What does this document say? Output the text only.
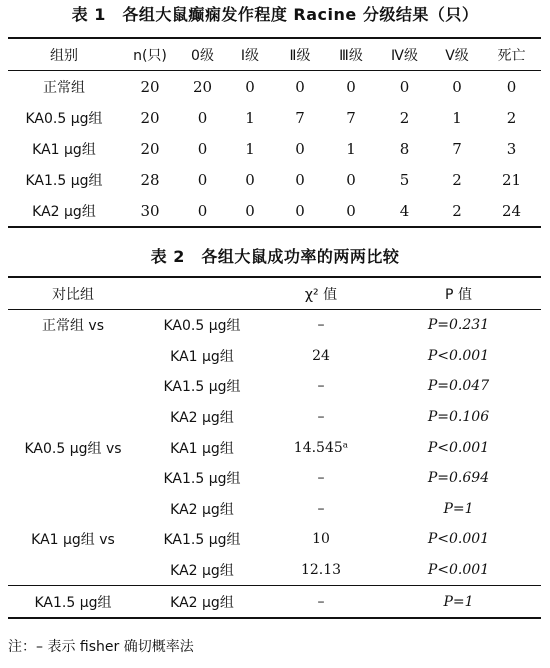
表 1　各组大鼠癫痫发作程度 Racine 分级结果（只）
组别	n(只)	0级	Ⅰ级	Ⅱ级	Ⅲ级	Ⅳ级	Ⅴ级	死亡
正常组	20	20	0	0	0	0	0	0
KA0.5 μg组	20	0	1	7	7	2	1	2
KA1 μg组	20	0	1	0	1	8	7	3
KA1.5 μg组	28	0	0	0	0	5	2	21
KA2 μg组	30	0	0	0	0	4	2	24
表 2　各组大鼠成功率的两两比较
对比组		χ² 值	P 值
正常组 vs	KA0.5 μg组	–	P=0.231
	KA1 μg组	24	P<0.001
	KA1.5 μg组	–	P=0.047
	KA2 μg组	–	P=0.106
KA0.5 μg组 vs	KA1 μg组	14.545ᵃ	P<0.001
	KA1.5 μg组	–	P=0.694
	KA2 μg组	–	P=1
KA1 μg组 vs	KA1.5 μg组	10	P<0.001
	KA2 μg组	12.13	P<0.001
KA1.5 μg组	KA2 μg组	–	P=1
注：– 表示 fisher 确切概率法
